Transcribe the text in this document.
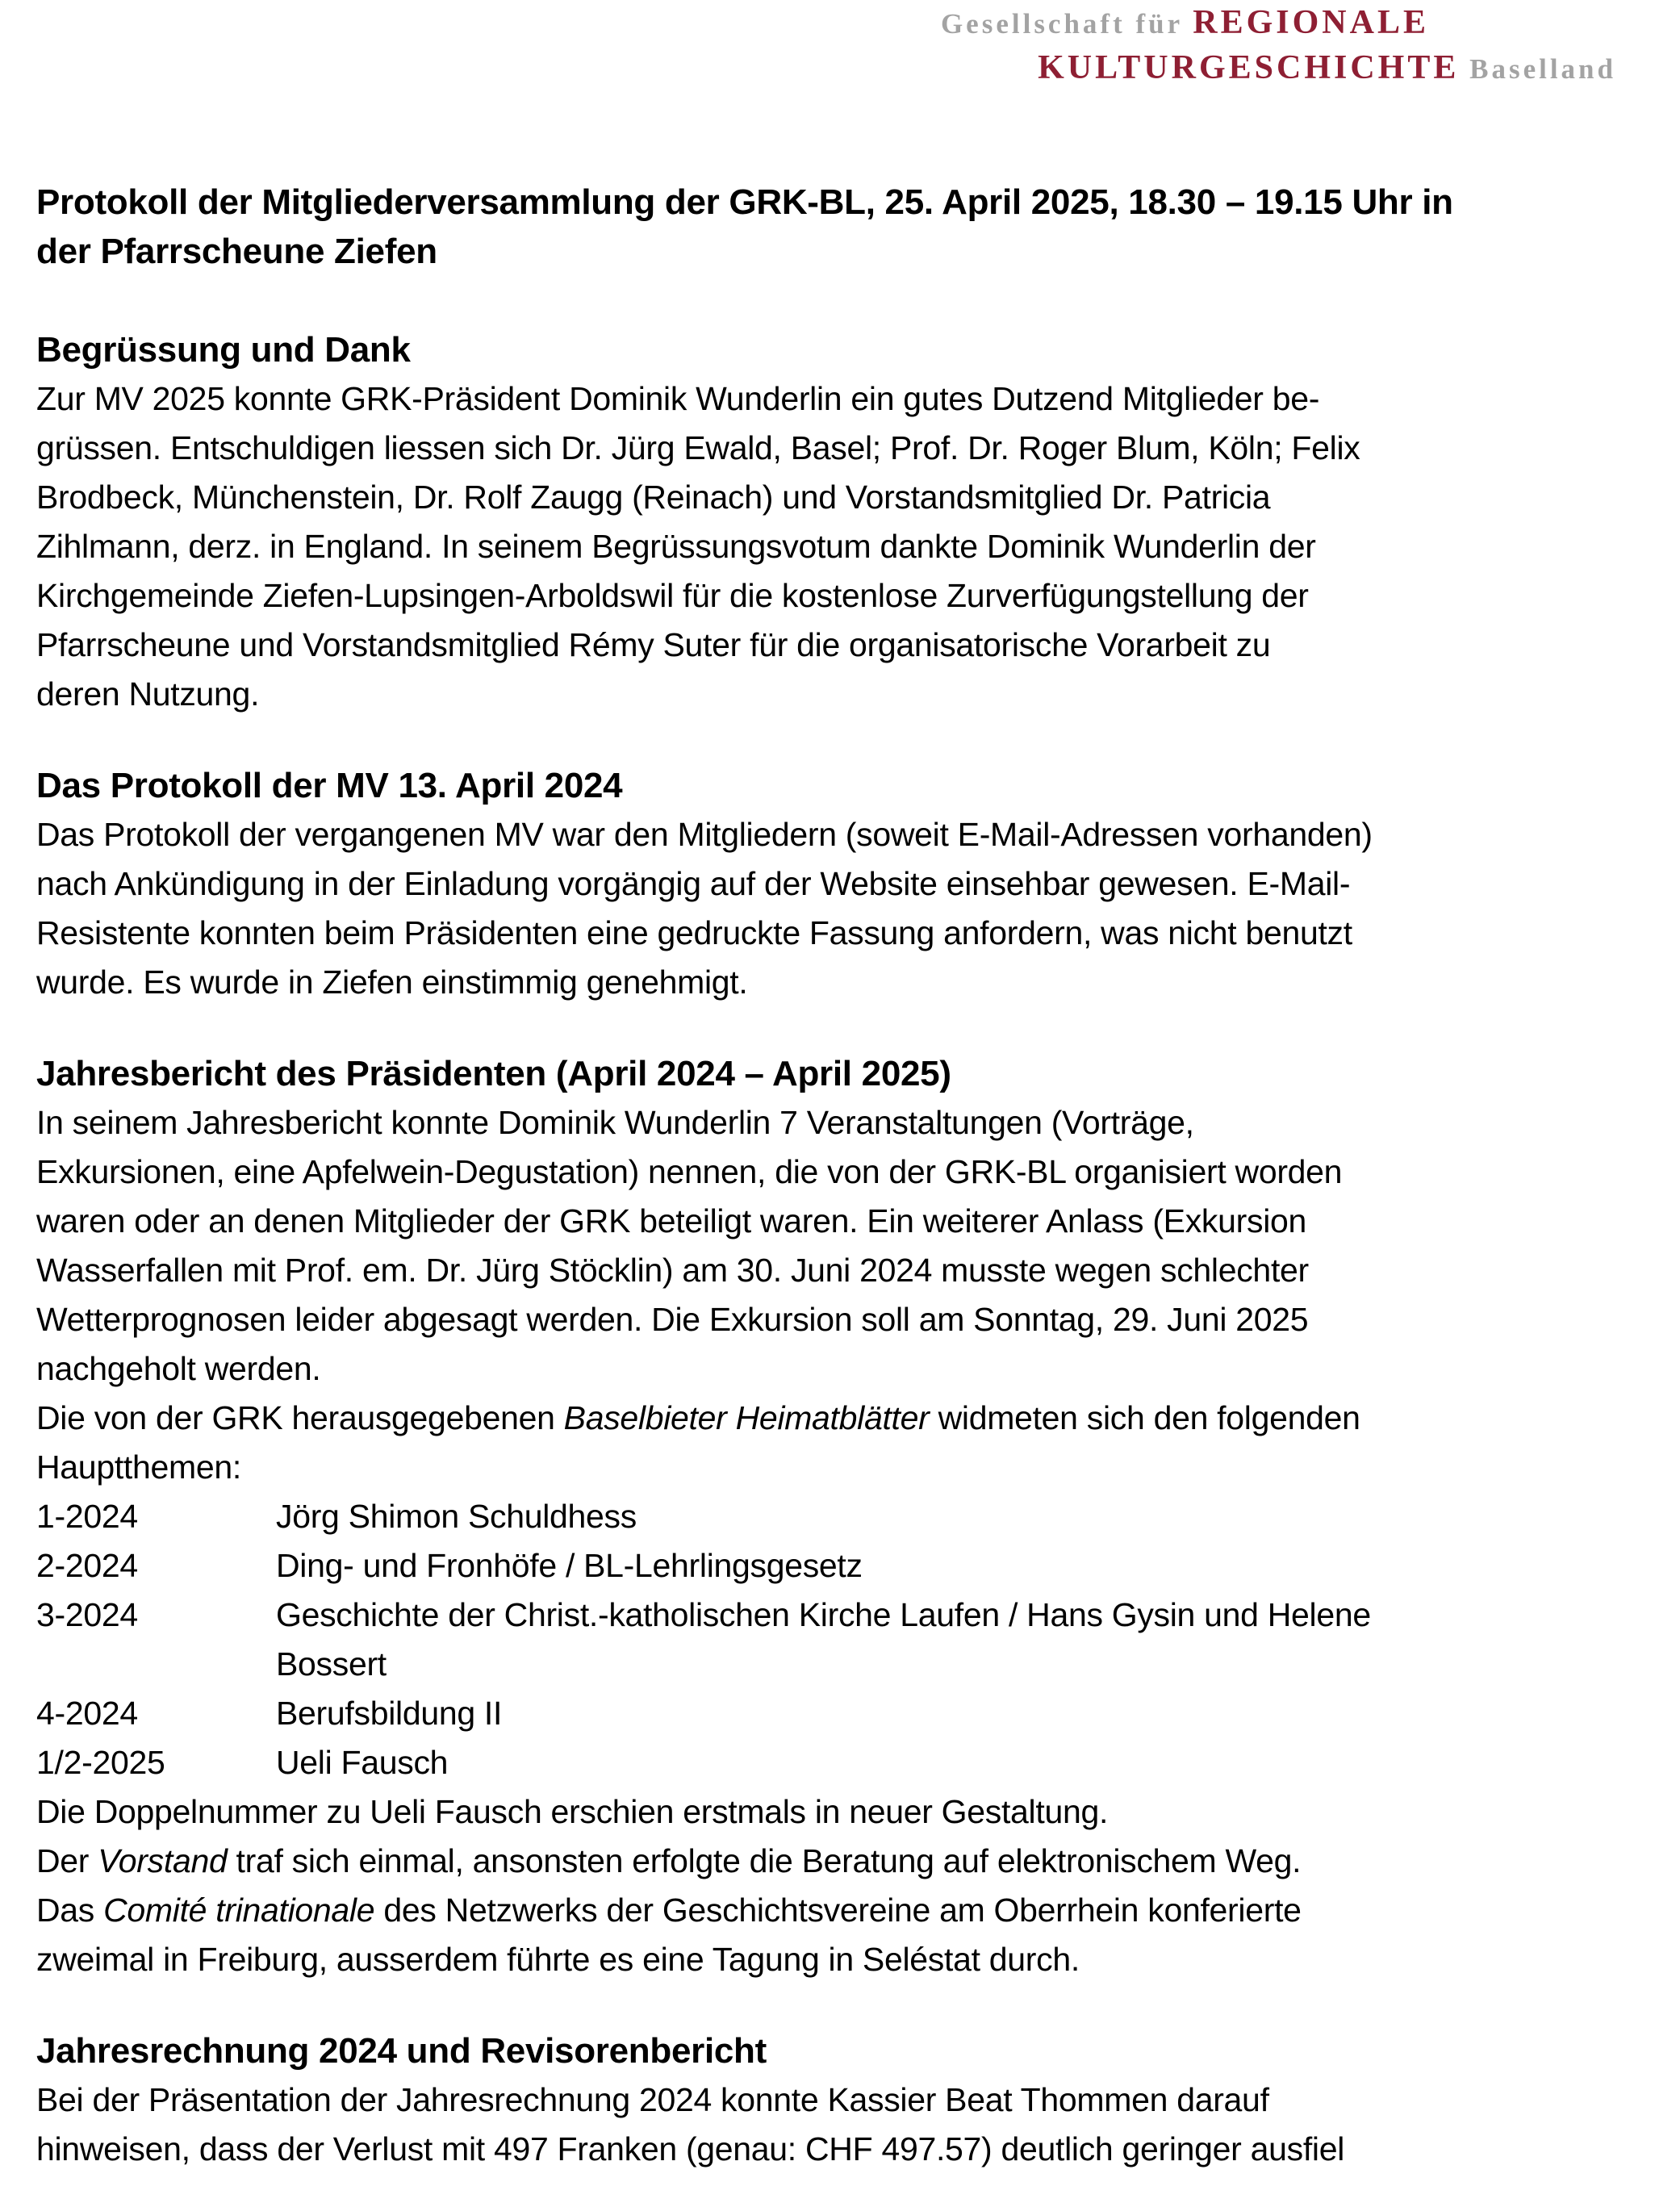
Gesellschaft für REGIONALE
KULTURGESCHICHTE Baselland
Protokoll der Mitgliederversammlung der GRK-BL, 25. April 2025, 18.30 – 19.15 Uhr in
der Pfarrscheune Ziefen
Begrüssung und Dank
Zur MV 2025 konnte GRK-Präsident Dominik Wunderlin ein gutes Dutzend Mitglieder be-
grüssen. Entschuldigen liessen sich Dr. Jürg Ewald, Basel; Prof. Dr. Roger Blum, Köln; Felix
Brodbeck, Münchenstein, Dr. Rolf Zaugg (Reinach) und Vorstandsmitglied Dr. Patricia
Zihlmann, derz. in England. In seinem Begrüssungsvotum dankte Dominik Wunderlin der
Kirchgemeinde Ziefen-Lupsingen-Arboldswil für die kostenlose Zurverfügungstellung der
Pfarrscheune und Vorstandsmitglied Rémy Suter für die organisatorische Vorarbeit zu
deren Nutzung.
Das Protokoll der MV 13. April 2024
Das Protokoll der vergangenen MV war den Mitgliedern (soweit E-Mail-Adressen vorhanden)
nach Ankündigung in der Einladung vorgängig auf der Website einsehbar gewesen. E-Mail-
Resistente konnten beim Präsidenten eine gedruckte Fassung anfordern, was nicht benutzt
wurde. Es wurde in Ziefen einstimmig genehmigt.
Jahresbericht des Präsidenten (April 2024 – April 2025)
In seinem Jahresbericht konnte Dominik Wunderlin 7 Veranstaltungen (Vorträge,
Exkursionen, eine Apfelwein-Degustation) nennen, die von der GRK-BL organisiert worden
waren oder an denen Mitglieder der GRK beteiligt waren. Ein weiterer Anlass (Exkursion
Wasserfallen mit Prof. em. Dr. Jürg Stöcklin) am 30. Juni 2024 musste wegen schlechter
Wetterprognosen leider abgesagt werden. Die Exkursion soll am Sonntag, 29. Juni 2025
nachgeholt werden.
Die von der GRK herausgegebenen Baselbieter Heimatblätter widmeten sich den folgenden
Hauptthemen:
1-2024	Jörg Shimon Schuldhess
2-2024	Ding- und Fronhöfe / BL-Lehrlingsgesetz
3-2024	Geschichte der Christ.-katholischen Kirche Laufen / Hans Gysin und Helene
Bossert
4-2024	Berufsbildung II
1/2-2025	Ueli Fausch
Die Doppelnummer zu Ueli Fausch erschien erstmals in neuer Gestaltung.
Der Vorstand traf sich einmal, ansonsten erfolgte die Beratung auf elektronischem Weg.
Das Comité trinationale des Netzwerks der Geschichtsvereine am Oberrhein konferierte
zweimal in Freiburg, ausserdem führte es eine Tagung in Seléstat durch.
Jahresrechnung 2024 und Revisorenbericht
Bei der Präsentation der Jahresrechnung 2024 konnte Kassier Beat Thommen darauf
hinweisen, dass der Verlust mit 497 Franken (genau: CHF 497.57) deutlich geringer ausfiel
